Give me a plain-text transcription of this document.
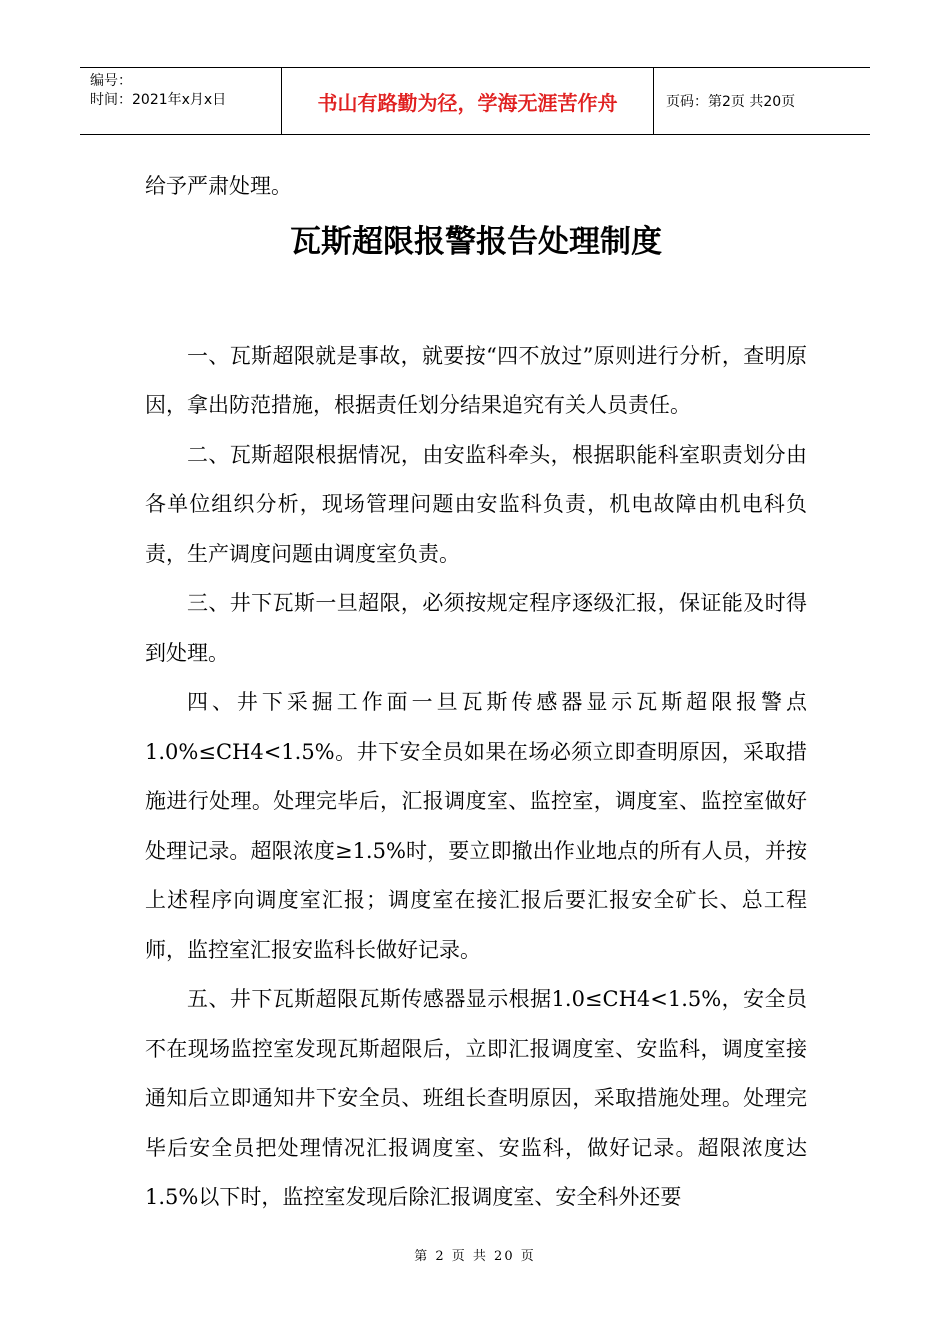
编号：
时间：2021年x月x日	书山有路勤为径，学海无涯苦作舟	页码：第2页 共20页

给予严肃处理。

瓦斯超限报警报告处理制度

一、瓦斯超限就是事故，就要按“四不放过”原则进行分析，查明原因，拿出防范措施，根据责任划分结果追究有关人员责任。

二、瓦斯超限根据情况，由安监科牵头，根据职能科室职责划分由各单位组织分析，现场管理问题由安监科负责，机电故障由机电科负责，生产调度问题由调度室负责。

三、井下瓦斯一旦超限，必须按规定程序逐级汇报，保证能及时得到处理。

四、井下采掘工作面一旦瓦斯传感器显示瓦斯超限报警点1.0%≤CH4<1.5%。井下安全员如果在场必须立即查明原因，采取措施进行处理。处理完毕后，汇报调度室、监控室，调度室、监控室做好处理记录。超限浓度≥1.5%时，要立即撤出作业地点的所有人员，并按上述程序向调度室汇报；调度室在接汇报后要汇报安全矿长、总工程师，监控室汇报安监科长做好记录。

五、井下瓦斯超限瓦斯传感器显示根据1.0≤CH4<1.5%，安全员不在现场监控室发现瓦斯超限后，立即汇报调度室、安监科，调度室接通知后立即通知井下安全员、班组长查明原因，采取措施处理。处理完毕后安全员把处理情况汇报调度室、安监科，做好记录。超限浓度达1.5%以下时，监控室发现后除汇报调度室、安全科外还要

第 2 页 共 20 页
